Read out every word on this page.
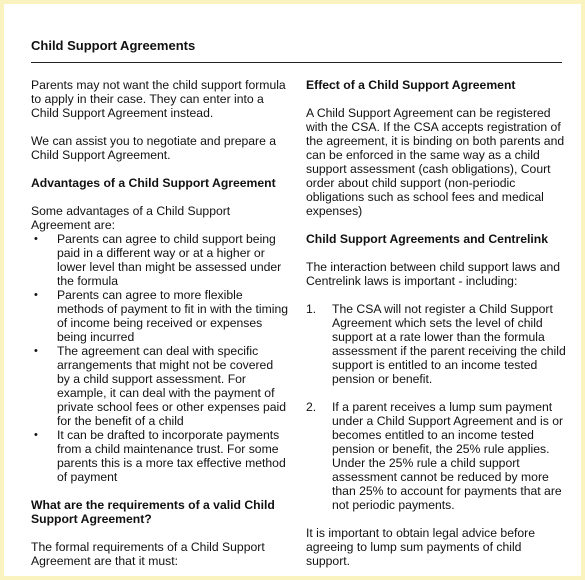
Child Support Agreements

Parents may not want the child support formula to apply in their case. They can enter into a Child Support Agreement instead.

We can assist you to negotiate and prepare a Child Support Agreement.

Advantages of a Child Support Agreement

Some advantages of a Child Support Agreement are:

• Parents can agree to child support being paid in a different way or at a higher or lower level than might be assessed under the formula
• Parents can agree to more flexible methods of payment to fit in with the timing of income being received or expenses being incurred
• The agreement can deal with specific arrangements that might not be covered by a child support assessment. For example, it can deal with the payment of private school fees or other expenses paid for the benefit of a child
• It can be drafted to incorporate payments from a child maintenance trust. For some parents this is a more tax effective method of payment
What are the requirements of a valid Child Support Agreement?

The formal requirements of a Child Support Agreement are that it must:

Effect of a Child Support Agreement

A Child Support Agreement can be registered with the CSA. If the CSA accepts registration of the agreement, it is binding on both parents and can be enforced in the same way as a child support assessment (cash obligations), Court order about child support (non-periodic obligations such as school fees and medical expenses)

Child Support Agreements and Centrelink

The interaction between child support laws and Centrelink laws is important - including:

1. The CSA will not register a Child Support Agreement which sets the level of child support at a rate lower than the formula assessment if the parent receiving the child support is entitled to an income tested pension or benefit.
2. If a parent receives a lump sum payment under a Child Support Agreement and is or becomes entitled to an income tested pension or benefit, the 25% rule applies. Under the 25% rule a child support assessment cannot be reduced by more than 25% to account for payments that are not periodic payments.

It is important to obtain legal advice before agreeing to lump sum payments of child support.
